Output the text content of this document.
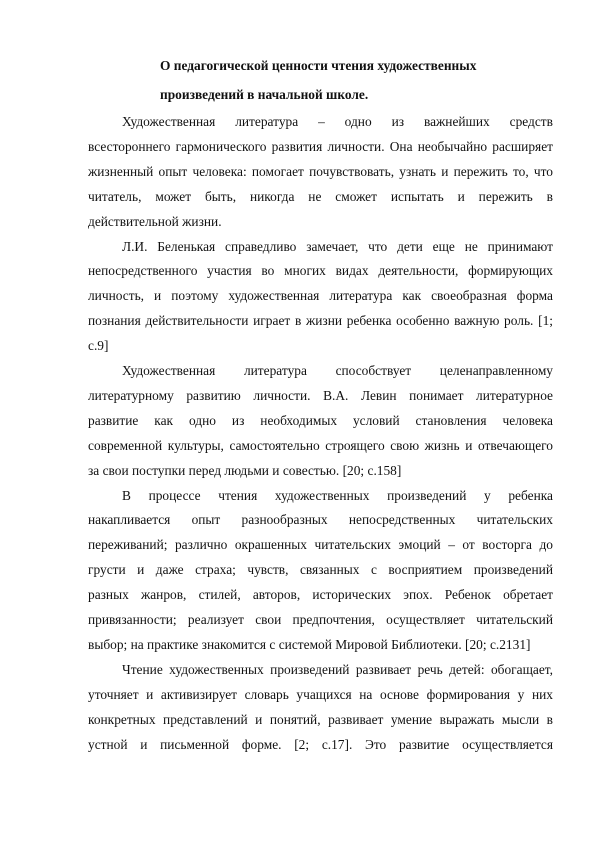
О педагогической ценности чтения художественных
произведений в начальной школе.
Художественная литература – одно из важнейших средств
всестороннего гармонического развития личности. Она необычайно расширяет
жизненный опыт человека: помогает почувствовать, узнать и пережить то, что
читатель, может быть, никогда не сможет испытать и пережить в
действительной жизни.
Л.И. Беленькая справедливо замечает, что дети еще не принимают
непосредственного участия во многих видах деятельности, формирующих
личность, и поэтому художественная литература как своеобразная форма
познания действительности играет в жизни ребенка особенно важную роль. [1;
с.9]
Художественная литература способствует целенаправленному
литературному развитию личности. В.А. Левин понимает литературное
развитие как одно из необходимых условий становления человека
современной культуры, самостоятельно строящего свою жизнь и отвечающего
за свои поступки перед людьми и совестью. [20; с.158]
В процессе чтения художественных произведений у ребенка
накапливается опыт разнообразных непосредственных читательских
переживаний; различно окрашенных читательских эмоций – от восторга до
грусти и даже страха; чувств, связанных с восприятием произведений
разных жанров, стилей, авторов, исторических эпох. Ребенок обретает
привязанности; реализует свои предпочтения, осуществляет читательский
выбор; на практике знакомится с системой Мировой Библиотеки. [20; с.2131]
Чтение художественных произведений развивает речь детей: обогащает,
уточняет и активизирует словарь учащихся на основе формирования у них
конкретных представлений и понятий, развивает умение выражать мысли в
устной и письменной форме. [2; с.17]. Это развитие осуществляется
